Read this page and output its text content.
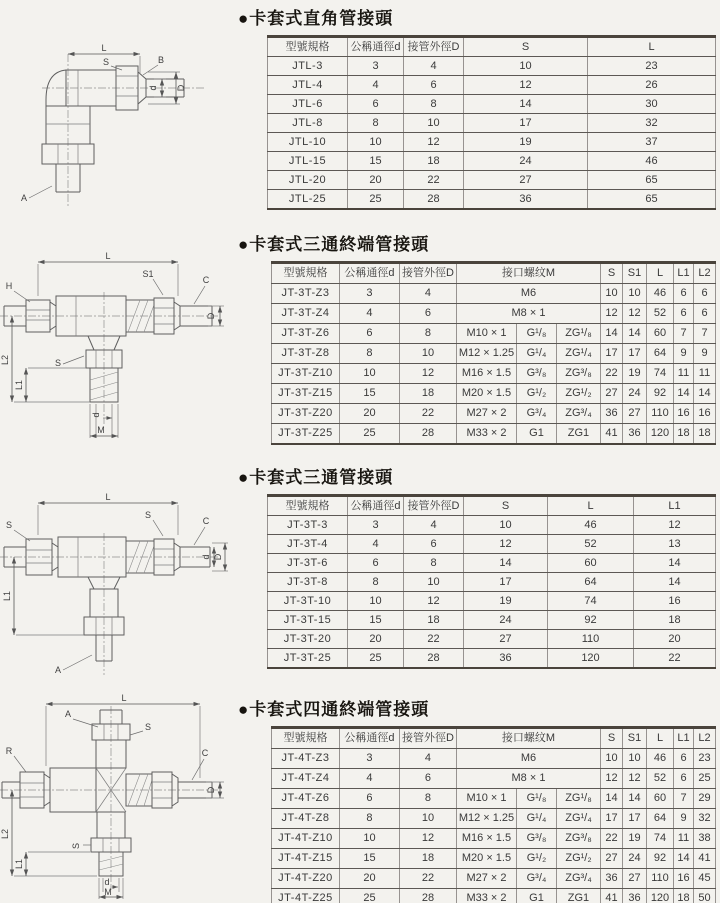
L
S	B
d D
A
L
H
S1
C
D
L2
L1
S
d
M
L
S
S
C
d D
L1
A
L
A
S
R	C
D
L2
L1
S
d
M
●卡套式直角管接頭
型號規格	公稱通徑d	接管外徑D	S	L
JTL-3	3	4	10	23
JTL-4	4	6	12	26
JTL-6	6	8	14	30
JTL-8	8	10	17	32
JTL-10	10	12	19	37
JTL-15	15	18	24	46
JTL-20	20	22	27	65
JTL-25	25	28	36	65
●卡套式三通終端管接頭
型號規格	公稱通徑d	接管外徑D	接口螺纹M			S	S1	L	L1	L2
JT-3T-Z3	3	4	M6			10	10	46	6	6
JT-3T-Z4	4	6	M8 × 1			12	12	52	6	6
JT-3T-Z6	6	8	M10 × 1	G¹/₈	ZG¹/₈	14	14	60	7	7
JT-3T-Z8	8	10	M12 × 1.25	G¹/₄	ZG¹/₄	17	17	64	9	9
JT-3T-Z10	10	12	M16 × 1.5	G³/₈	ZG³/₈	22	19	74	11	11
JT-3T-Z15	15	18	M20 × 1.5	G¹/₂	ZG¹/₂	27	24	92	14	14
JT-3T-Z20	20	22	M27 × 2	G³/₄	ZG³/₄	36	27	110	16	16
JT-3T-Z25	25	28	M33 × 2	G1	ZG1	41	36	120	18	18
●卡套式三通管接頭
型號規格	公稱通徑d	接管外徑D	S	L	L1
JT-3T-3	3	4	10	46	12
JT-3T-4	4	6	12	52	13
JT-3T-6	6	8	14	60	14
JT-3T-8	8	10	17	64	14
JT-3T-10	10	12	19	74	16
JT-3T-15	15	18	24	92	18
JT-3T-20	20	22	27	110	20
JT-3T-25	25	28	36	120	22
●卡套式四通終端管接頭
型號規格	公稱通徑d	接管外徑D	接口螺纹M			S	S1	L	L1	L2
JT-4T-Z3	3	4	M6			10	10	46	6	23
JT-4T-Z4	4	6	M8 × 1			12	12	52	6	25
JT-4T-Z6	6	8	M10 × 1	G¹/₈	ZG¹/₈	14	14	60	7	29
JT-4T-Z8	8	10	M12 × 1.25	G¹/₄	ZG¹/₄	17	17	64	9	32
JT-4T-Z10	10	12	M16 × 1.5	G³/₈	ZG³/₈	22	19	74	11	38
JT-4T-Z15	15	18	M20 × 1.5	G¹/₂	ZG¹/₂	27	24	92	14	41
JT-4T-Z20	20	22	M27 × 2	G³/₄	ZG³/₄	36	27	110	16	45
JT-4T-Z25	25	28	M33 × 2	G1	ZG1	41	36	120	18	50
